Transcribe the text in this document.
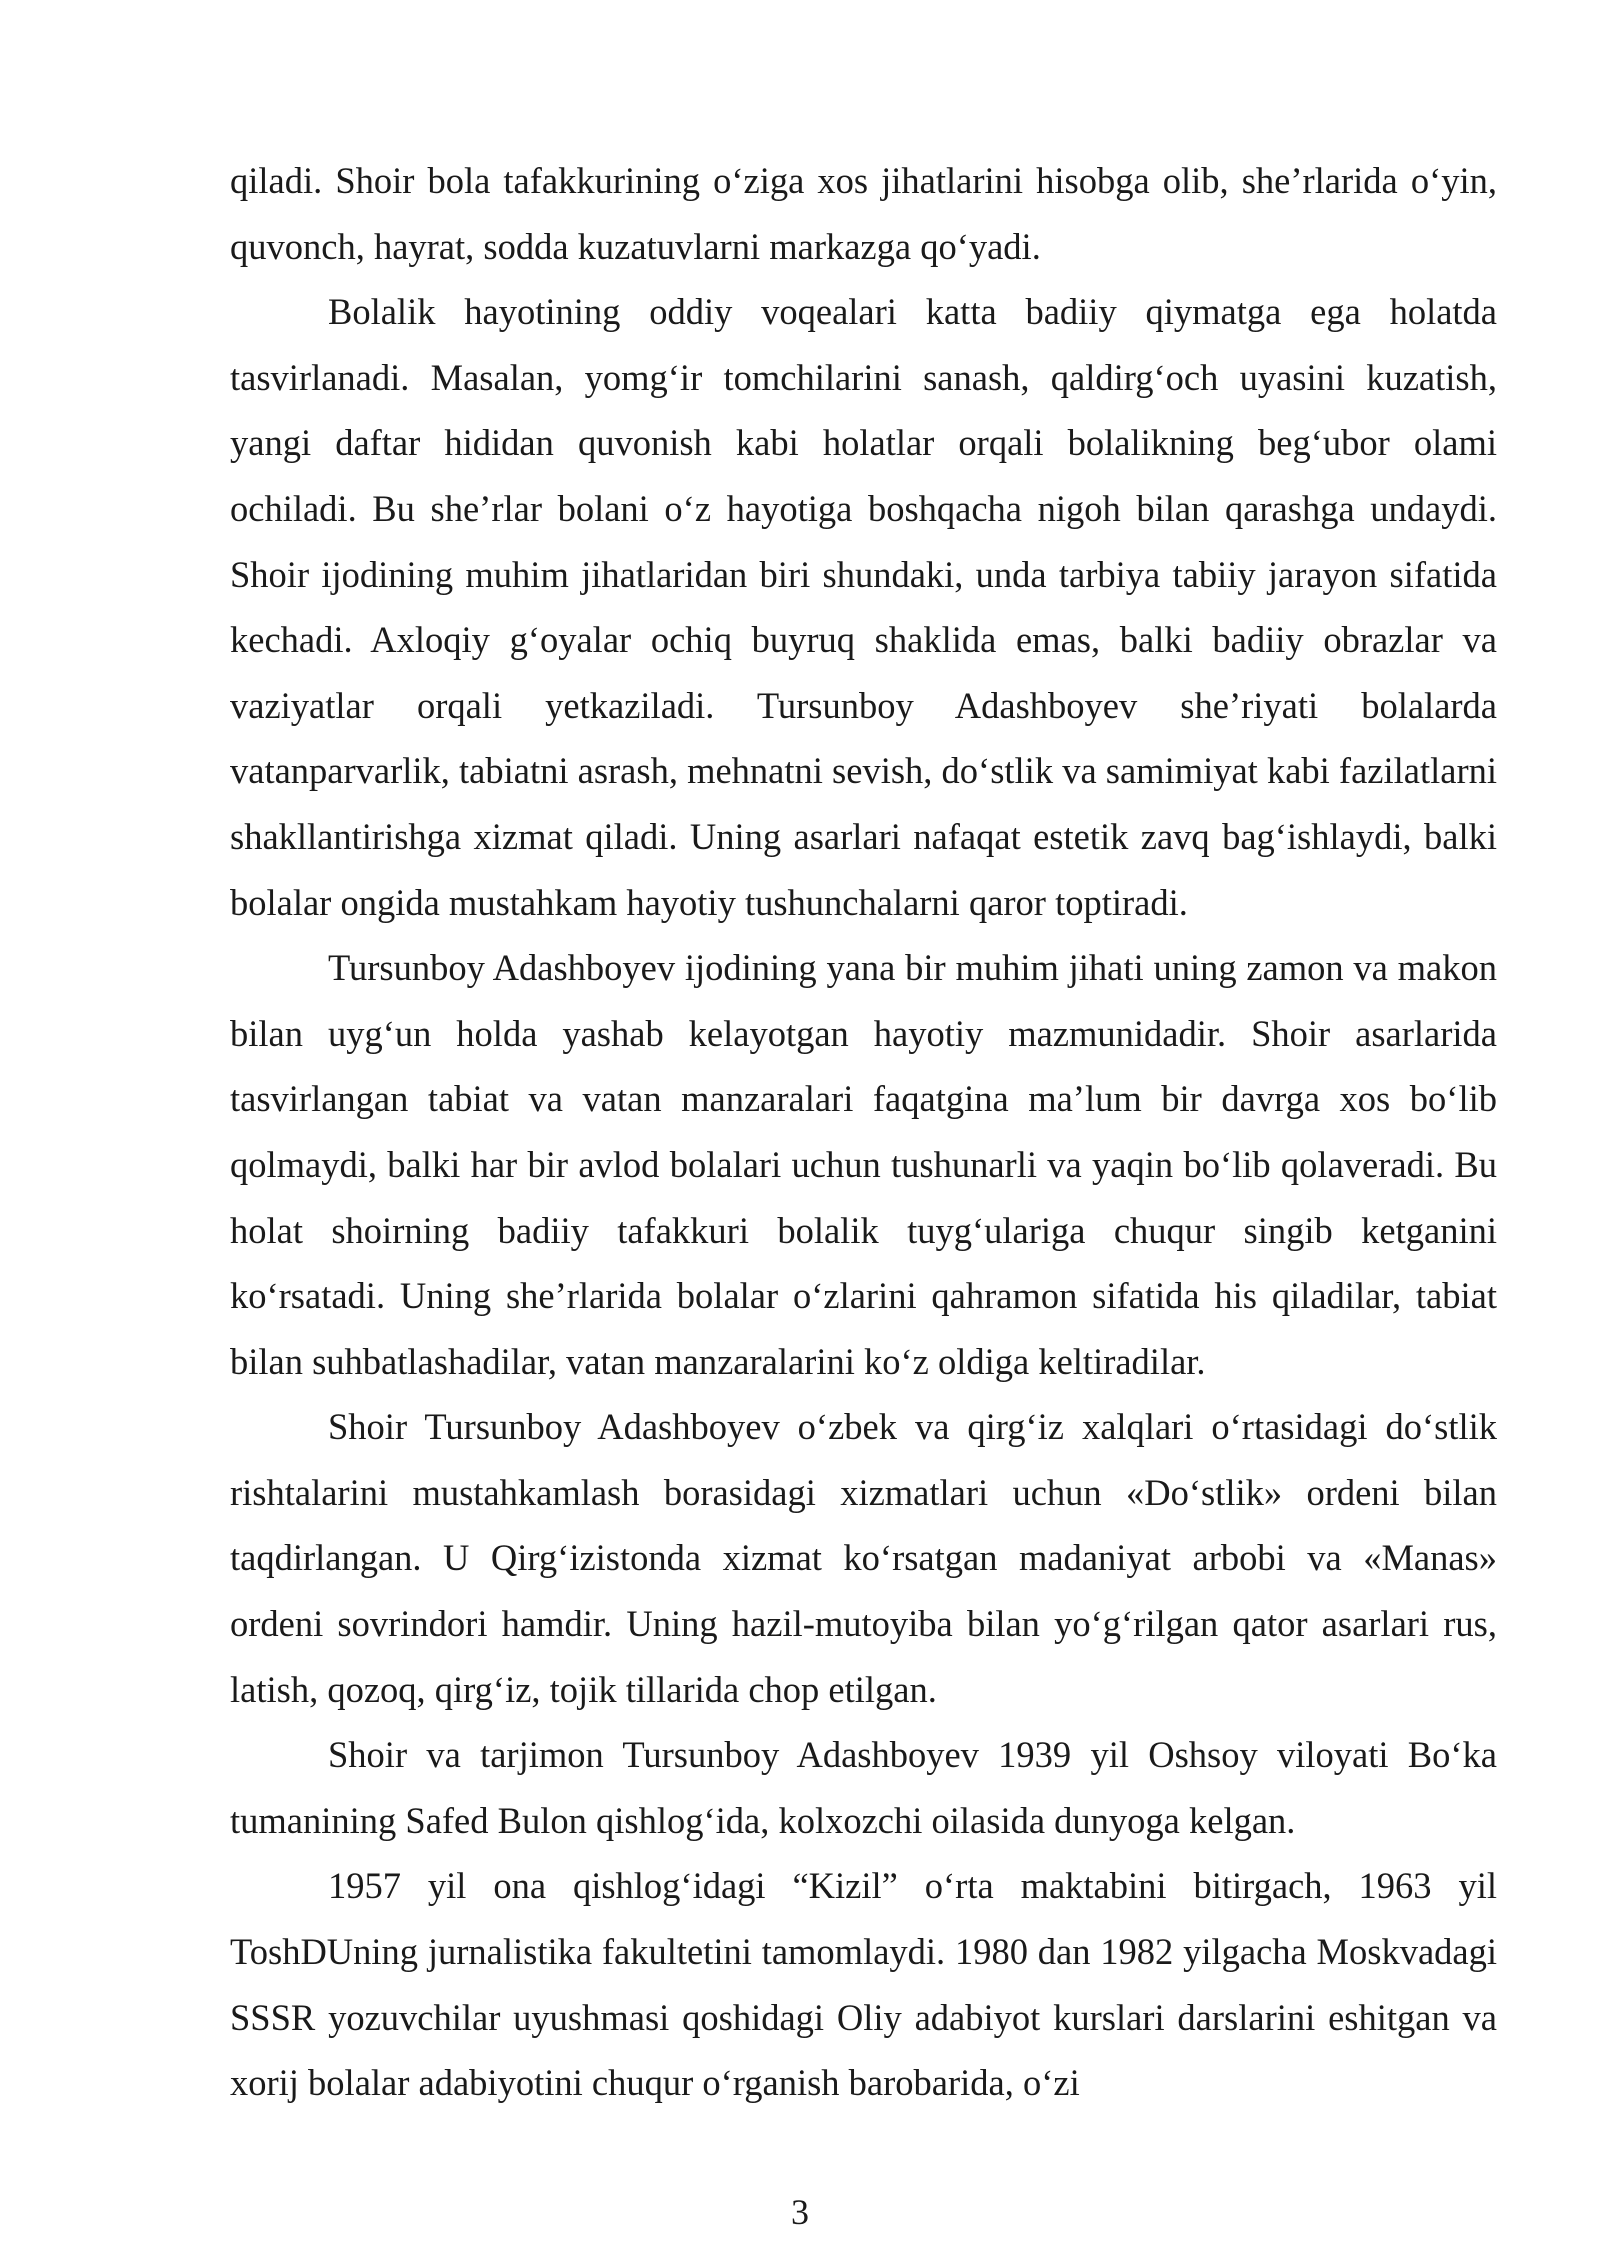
qiladi. Shoir bola tafakkurining o‘ziga xos jihatlarini hisobga olib, she’rlarida o‘yin, quvonch, hayrat, sodda kuzatuvlarni markazga qo‘yadi.

Bolalik hayotining oddiy voqealari katta badiiy qiymatga ega holatda tasvirlanadi. Masalan, yomg‘ir tomchilarini sanash, qaldirg‘och uyasini kuzatish, yangi daftar hididan quvonish kabi holatlar orqali bolalikning beg‘ubor olami ochiladi. Bu she’rlar bolani o‘z hayotiga boshqacha nigoh bilan qarashga undaydi. Shoir ijodining muhim jihatlaridan biri shundaki, unda tarbiya tabiiy jarayon sifatida kechadi. Axloqiy g‘oyalar ochiq buyruq shaklida emas, balki badiiy obrazlar va vaziyatlar orqali yetkaziladi. Tursunboy Adashboyev she’riyati bolalarda vatanparvarlik, tabiatni asrash, mehnatni sevish, do‘stlik va samimiyat kabi fazilatlarni shakllantirishga xizmat qiladi. Uning asarlari nafaqat estetik zavq bag‘ishlaydi, balki bolalar ongida mustahkam hayotiy tushunchalarni qaror toptiradi.

Tursunboy Adashboyev ijodining yana bir muhim jihati uning zamon va makon bilan uyg‘un holda yashab kelayotgan hayotiy mazmunidadir. Shoir asarlarida tasvirlangan tabiat va vatan manzaralari faqatgina ma’lum bir davrga xos bo‘lib qolmaydi, balki har bir avlod bolalari uchun tushunarli va yaqin bo‘lib qolaveradi. Bu holat shoirning badiiy tafakkuri bolalik tuyg‘ulariga chuqur singib ketganini ko‘rsatadi. Uning she’rlarida bolalar o‘zlarini qahramon sifatida his qiladilar, tabiat bilan suhbatlashadilar, vatan manzaralarini ko‘z oldiga keltiradilar.

Shoir Tursunboy Adashboyev o‘zbek va qirg‘iz xalqlari o‘rtasidagi do‘stlik rishtalarini mustahkamlash borasidagi xizmatlari uchun «Do‘stlik» ordeni bilan taqdirlangan. U Qirg‘izistonda xizmat ko‘rsatgan madaniyat arbobi va «Manas» ordeni sovrindori hamdir. Uning hazil-mutoyiba bilan yo‘g‘rilgan qator asarlari rus, latish, qozoq, qirg‘iz, tojik tillarida chop etilgan.

Shoir va tarjimon Tursunboy Adashboyev 1939 yil Oshsoy viloyati Bo‘ka tumanining Safed Bulon qishlog‘ida, kolxozchi oilasida dunyoga kelgan.

1957 yil ona qishlog‘idagi “Kizil” o‘rta maktabini bitirgach, 1963 yil ToshDUning jurnalistika fakultetini tamomlaydi. 1980 dan 1982 yilgacha Moskvadagi SSSR yozuvchilar uyushmasi qoshidagi Oliy adabiyot kurslari darslarini eshitgan va xorij bolalar adabiyotini chuqur o‘rganish barobarida, o‘zi

3
